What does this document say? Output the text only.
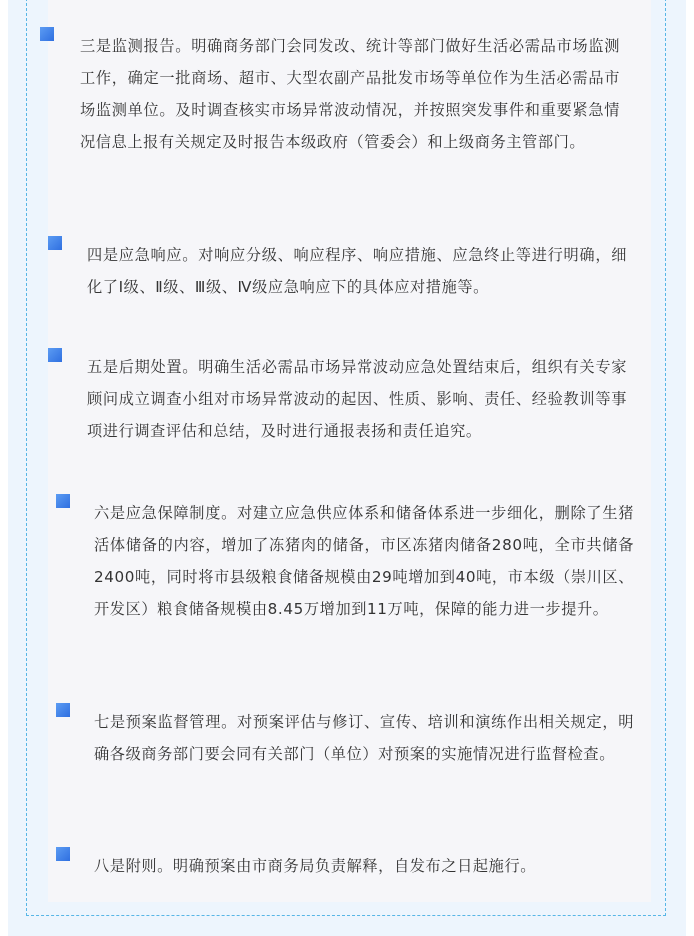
三是监测报告。明确商务部门会同发改、统计等部门做好生活必需品市场监测工作，确定一批商场、超市、大型农副产品批发市场等单位作为生活必需品市场监测单位。及时调查核实市场异常波动情况，并按照突发事件和重要紧急情况信息上报有关规定及时报告本级政府（管委会）和上级商务主管部门。

四是应急响应。对响应分级、响应程序、响应措施、应急终止等进行明确，细化了Ⅰ级、Ⅱ级、Ⅲ级、Ⅳ级应急响应下的具体应对措施等。

五是后期处置。明确生活必需品市场异常波动应急处置结束后，组织有关专家顾问成立调查小组对市场异常波动的起因、性质、影响、责任、经验教训等事项进行调查评估和总结，及时进行通报表扬和责任追究。

六是应急保障制度。对建立应急供应体系和储备体系进一步细化，删除了生猪活体储备的内容，增加了冻猪肉的储备，市区冻猪肉储备280吨，全市共储备2400吨，同时将市县级粮食储备规模由29吨增加到40吨，市本级（崇川区、开发区）粮食储备规模由8.45万增加到11万吨，保障的能力进一步提升。

七是预案监督管理。对预案评估与修订、宣传、培训和演练作出相关规定，明确各级商务部门要会同有关部门（单位）对预案的实施情况进行监督检查。

八是附则。明确预案由市商务局负责解释，自发布之日起施行。
